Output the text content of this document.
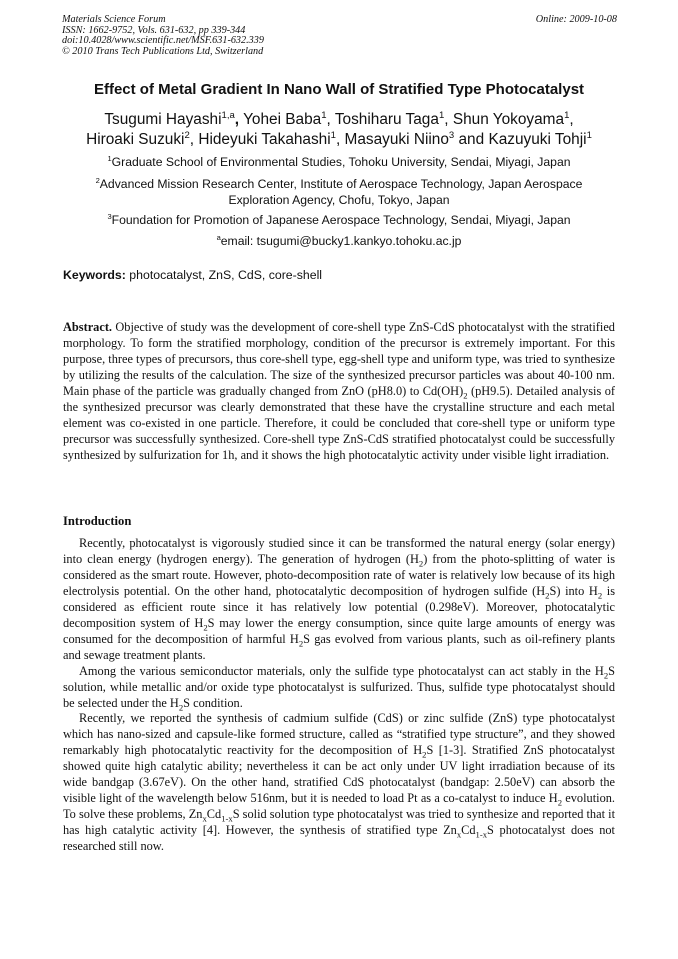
Materials Science Forum
ISSN: 1662-9752, Vols. 631-632, pp 339-344
doi:10.4028/www.scientific.net/MSF.631-632.339
© 2010 Trans Tech Publications Ltd, Switzerland
Online: 2009-10-08
Effect of Metal Gradient In Nano Wall of Stratified Type Photocatalyst
Tsugumi Hayashi$^{1,a}$, Yohei Baba$^1$, Toshiharu Taga$^1$, Shun Yokoyama$^1$,
Hiroaki Suzuki$^2$, Hideyuki Takahashi$^1$, Masayuki Niino$^3$ and Kazuyuki Tohji$^1$
$^1$Graduate School of Environmental Studies, Tohoku University, Sendai, Miyagi, Japan
$^2$Advanced Mission Research Center, Institute of Aerospace Technology, Japan Aerospace
Exploration Agency, Chofu, Tokyo, Japan
$^3$Foundation for Promotion of Japanese Aerospace Technology, Sendai, Miyagi, Japan
$^a$email: tsugumi@bucky1.kankyo.tohoku.ac.jp
Keywords: photocatalyst, ZnS, CdS, core-shell

Abstract. Objective of study was the development of core-shell type ZnS-CdS photocatalyst with the stratified morphology. To form the stratified morphology, condition of the precursor is extremely important. For this purpose, three types of precursors, thus core-shell type, egg-shell type and uniform type, was tried to synthesize by utilizing the results of the calculation. The size of the synthesized precursor particles was about 40-100 nm. Main phase of the particle was gradually changed from ZnO (pH8.0) to $Cd(OH)_2$ (pH9.5). Detailed analysis of the synthesized precursor was clearly demonstrated that these have the crystalline structure and each metal element was co-existed in one particle. Therefore, it could be concluded that core-shell type or uniform type precursor was successfully synthesized. Core-shell type ZnS-CdS stratified photocatalyst could be successfully synthesized by sulfurization for 1h, and it shows the high photocatalytic activity under visible light irradiation.

Introduction

Recently, photocatalyst is vigorously studied since it can be transformed the natural energy (solar energy) into clean energy (hydrogen energy). The generation of hydrogen $(H_2)$ from the photo-splitting of water is considered as the smart route. However, photo-decomposition rate of water is relatively low because of its high electrolysis potential. On the other hand, photocatalytic decomposition of hydrogen sulfide $(H_2S)$ into $H_2$ is considered as efficient route since it has relatively low potential (0.298eV). Moreover, photocatalytic decomposition system of $H_2S$ may lower the energy consumption, since quite large amounts of energy was consumed for the decomposition of harmful $H_2S$ gas evolved from various plants, such as oil-refinery plants and sewage treatment plants.

Among the various semiconductor materials, only the sulfide type photocatalyst can act stably in the $H_2S$ solution, while metallic and/or oxide type photocatalyst is sulfurized. Thus, sulfide type photocatalyst should be selected under the $H_2S$ condition.

Recently, we reported the synthesis of cadmium sulfide (CdS) or zinc sulfide (ZnS) type photocatalyst which has nano-sized and capsule-like formed structure, called as “stratified type structure”, and they showed remarkably high photocatalytic reactivity for the decomposition of $H_2S$ [1-3]. Stratified ZnS photocatalyst showed quite high catalytic ability; nevertheless it can be act only under UV light irradiation because of its wide bandgap (3.67eV). On the other hand, stratified CdS photocatalyst (bandgap: 2.50eV) can absorb the visible light of the wavelength below 516nm, but it is needed to load Pt as a co-catalyst to induce $H_2$ evolution. To solve these problems, $Zn_xCd_{1-x}S$ solid solution type photocatalyst was tried to synthesize and reported that it has high catalytic activity [4]. However, the synthesis of stratified type $Zn_xCd_{1-x}S$ photocatalyst does not researched still now.
